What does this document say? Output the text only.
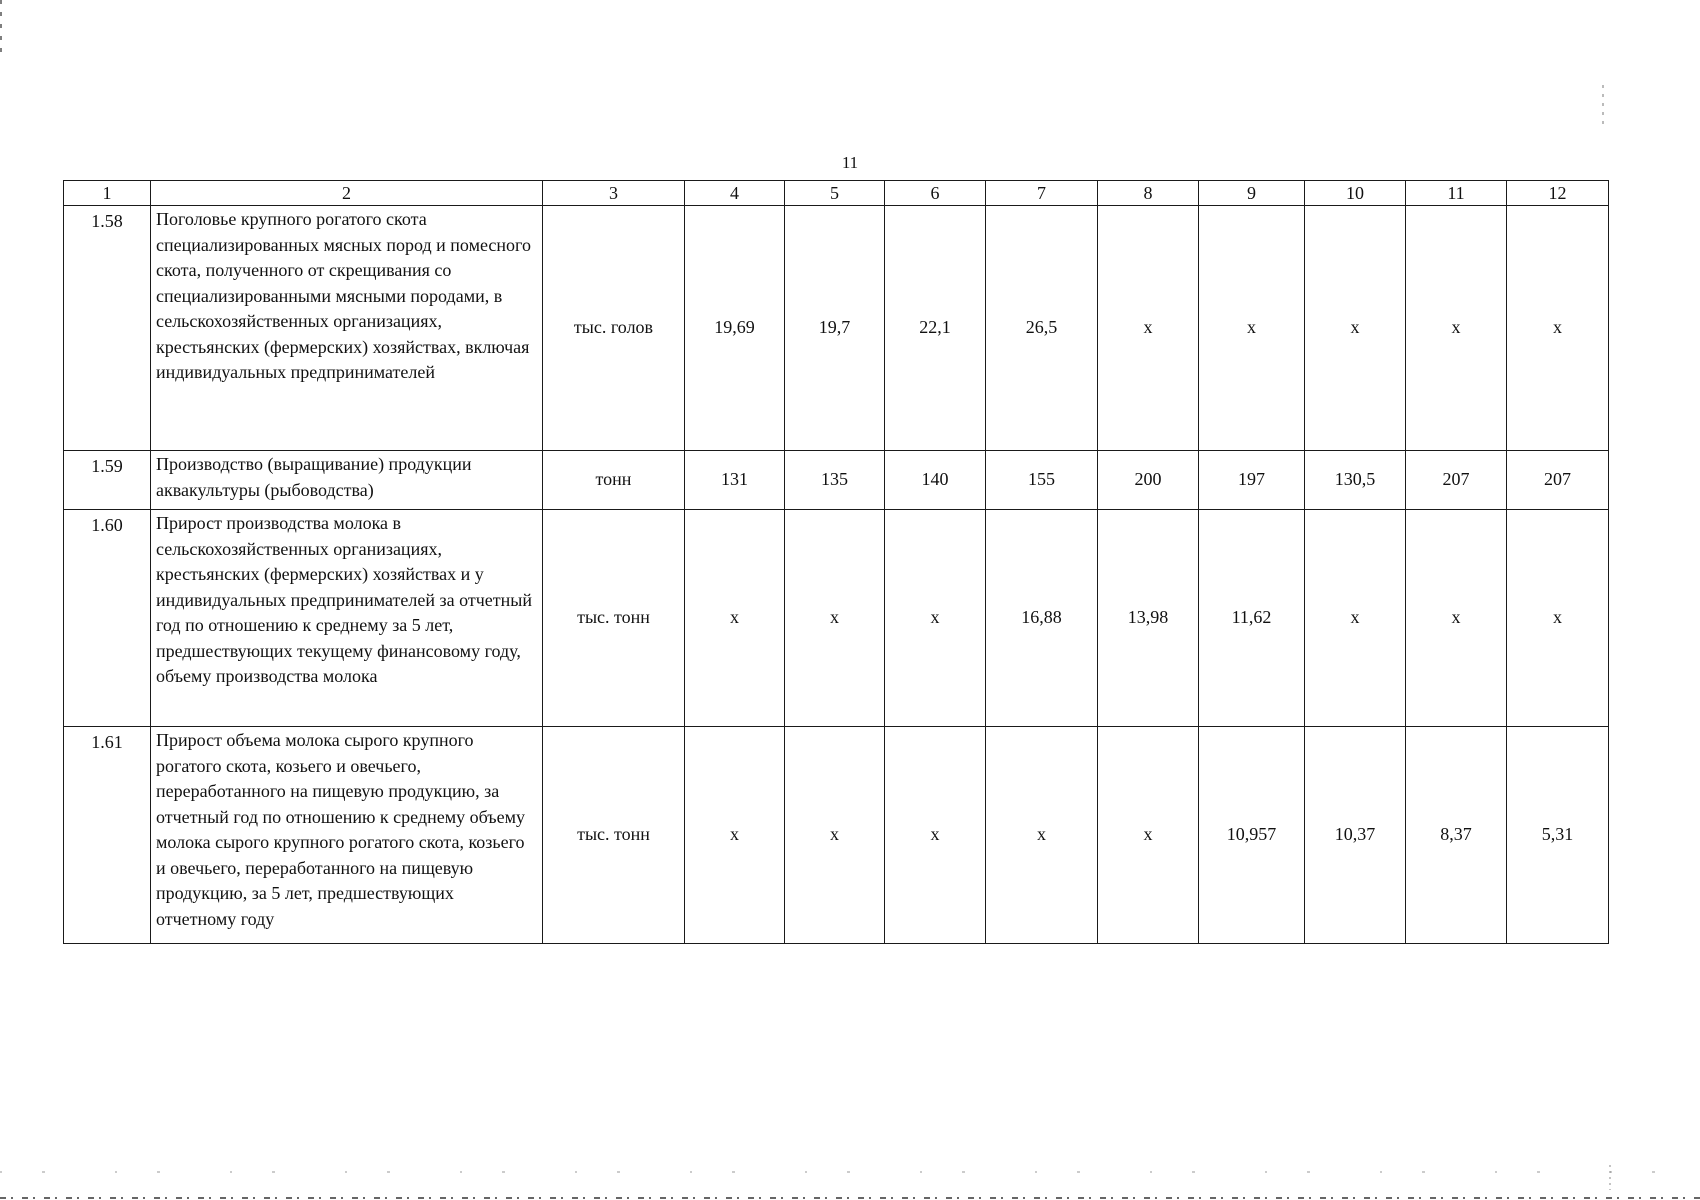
11
1	2	3	4	5	6	7	8	9	10	11	12
1.58	Поголовье крупного рогатого скота специализированных мясных пород и помесного скота, полученного от скрещивания со специализированными мясными породами, в сельскохозяйственных организациях, крестьянских (фермерских) хозяйствах, включая индивидуальных предпринимателей	тыс. голов	19,69	19,7	22,1	26,5	x	x	x	x	x
1.59	Производство (выращивание) продукции аквакультуры (рыбоводства)	тонн	131	135	140	155	200	197	130,5	207	207
1.60	Прирост производства молока в сельскохозяйственных организациях, крестьянских (фермерских) хозяйствах и у индивидуальных предпринимателей за отчетный год по отношению к среднему за 5 лет, предшествующих текущему финансовому году, объему производства молока	тыс. тонн	x	x	x	16,88	13,98	11,62	x	x	x
1.61	Прирост объема молока сырого крупного рогатого скота, козьего и овечьего, переработанного на пищевую продукцию, за отчетный год по отношению к среднему объему молока сырого крупного рогатого скота, козьего и овечьего, переработанного на пищевую продукцию, за 5 лет, предшествующих отчетному году	тыс. тонн	x	x	x	x	x	10,957	10,37	8,37	5,31
